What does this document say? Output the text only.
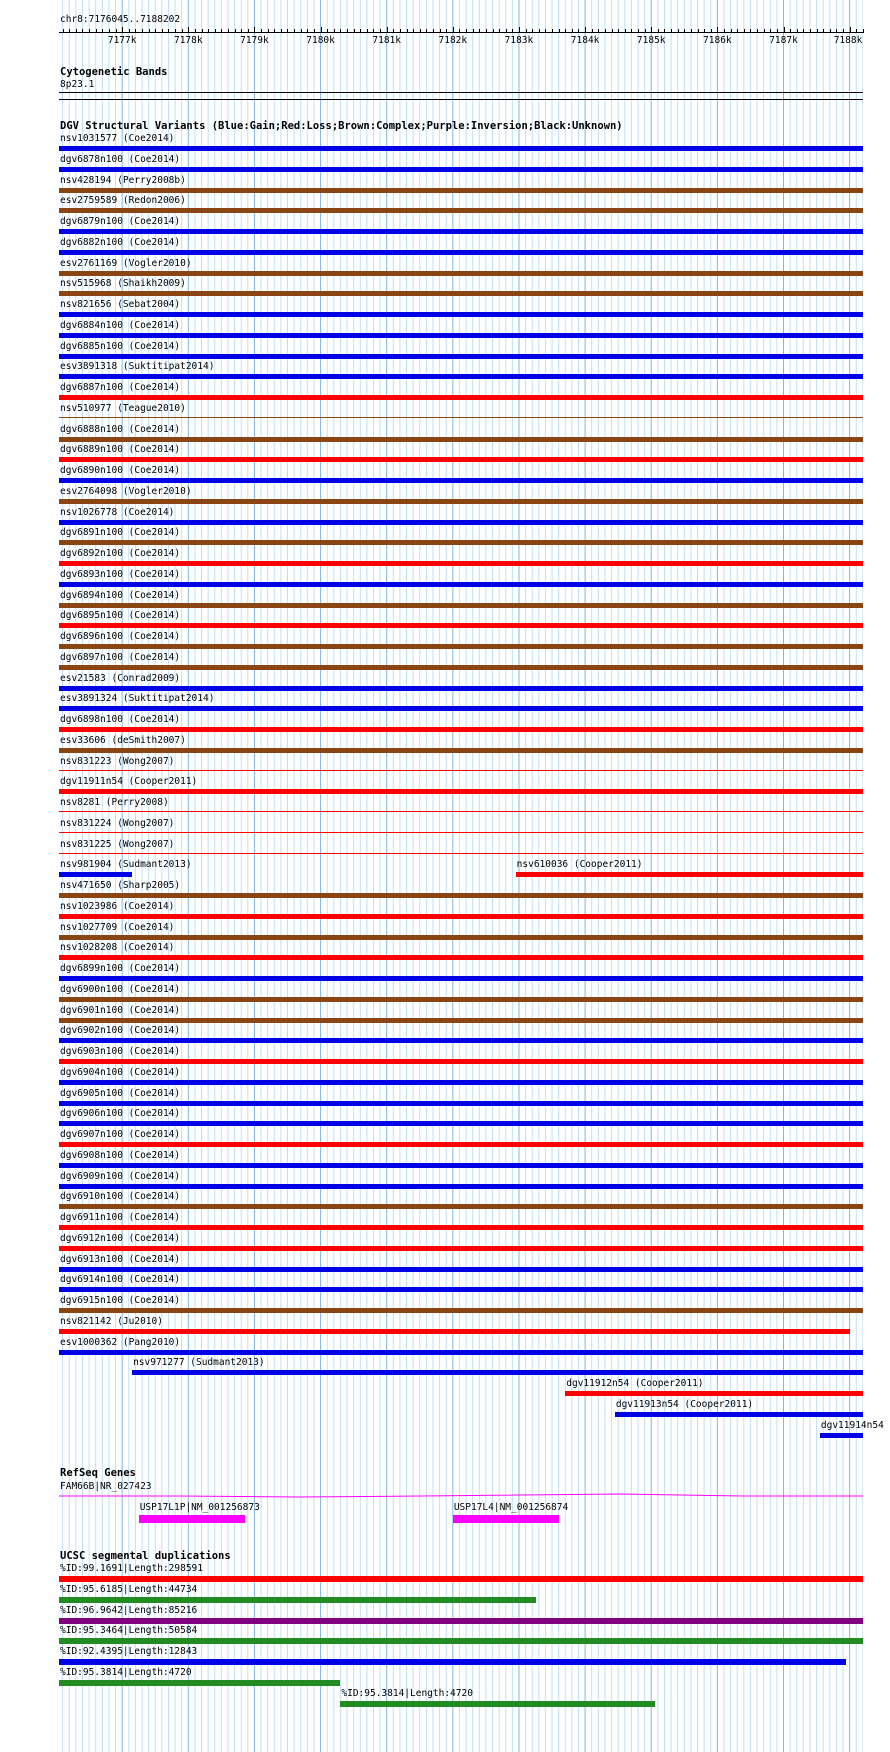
chr8:7176045..7188202
7177k	7178k	7179k	7180k	7181k	7182k	7183k	7184k	7185k	7186k	7187k	7188k
Cytogenetic Bands
8p23.1
DGV Structural Variants (Blue:Gain;Red:Loss;Brown:Complex;Purple:Inversion;Black:Unknown)
nsv1031577 (Coe2014)
dgv6878n100 (Coe2014)
nsv428194 (Perry2008b)
esv2759589 (Redon2006)
dgv6879n100 (Coe2014)
dgv6882n100 (Coe2014)
esv2761169 (Vogler2010)
nsv515968 (Shaikh2009)
nsv821656 (Sebat2004)
dgv6884n100 (Coe2014)
dgv6885n100 (Coe2014)
esv3891318 (Suktitipat2014)
dgv6887n100 (Coe2014)
nsv510977 (Teague2010)
dgv6888n100 (Coe2014)
dgv6889n100 (Coe2014)
dgv6890n100 (Coe2014)
esv2764098 (Vogler2010)
nsv1026778 (Coe2014)
dgv6891n100 (Coe2014)
dgv6892n100 (Coe2014)
dgv6893n100 (Coe2014)
dgv6894n100 (Coe2014)
dgv6895n100 (Coe2014)
dgv6896n100 (Coe2014)
dgv6897n100 (Coe2014)
esv21583 (Conrad2009)
esv3891324 (Suktitipat2014)
dgv6898n100 (Coe2014)
esv33606 (deSmith2007)
nsv831223 (Wong2007)
dgv11911n54 (Cooper2011)
nsv8281 (Perry2008)
nsv831224 (Wong2007)
nsv831225 (Wong2007)
nsv981904 (Sudmant2013)	nsv610036 (Cooper2011)
nsv471650 (Sharp2005)
nsv1023986 (Coe2014)
nsv1027709 (Coe2014)
nsv1028208 (Coe2014)
dgv6899n100 (Coe2014)
dgv6900n100 (Coe2014)
dgv6901n100 (Coe2014)
dgv6902n100 (Coe2014)
dgv6903n100 (Coe2014)
dgv6904n100 (Coe2014)
dgv6905n100 (Coe2014)
dgv6906n100 (Coe2014)
dgv6907n100 (Coe2014)
dgv6908n100 (Coe2014)
dgv6909n100 (Coe2014)
dgv6910n100 (Coe2014)
dgv6911n100 (Coe2014)
dgv6912n100 (Coe2014)
dgv6913n100 (Coe2014)
dgv6914n100 (Coe2014)
dgv6915n100 (Coe2014)
nsv821142 (Ju2010)
esv1000362 (Pang2010)
nsv971277 (Sudmant2013)
dgv11912n54 (Cooper2011)
dgv11913n54 (Cooper2011)
dgv11914n54
RefSeq Genes
FAM66B|NR_027423
USP17L1P|NM_001256873	USP17L4|NM_001256874
UCSC segmental duplications
%ID:99.1691|Length:298591
%ID:95.6185|Length:44734
%ID:96.9642|Length:85216
%ID:95.3464|Length:50584
%ID:92.4395|Length:12843
%ID:95.3814|Length:4720
%ID:95.3814|Length:4720
